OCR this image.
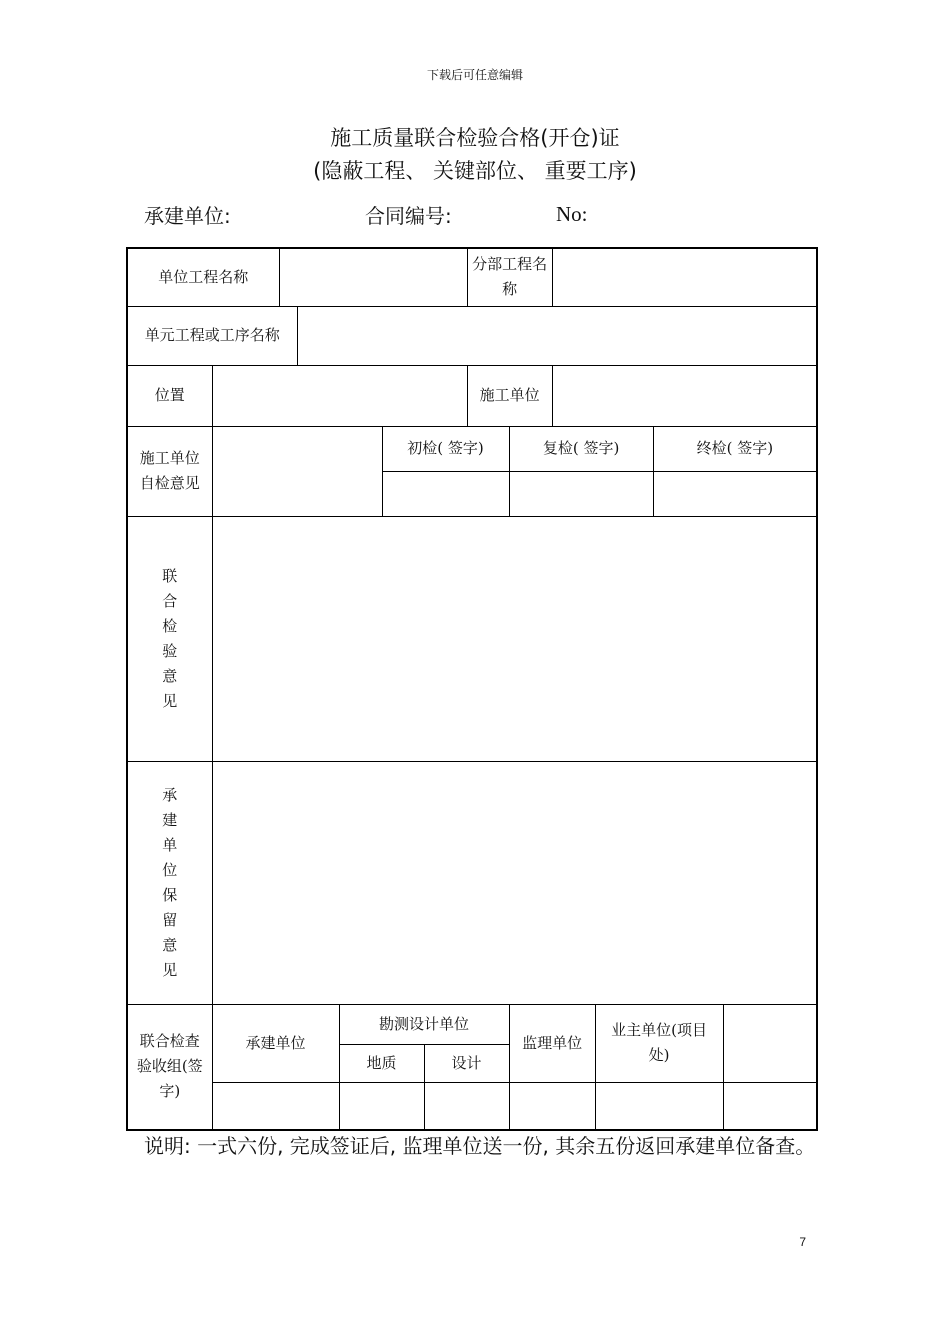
下载后可任意编辑
施工质量联合检验合格(开仓)证
(隐蔽工程、 关键部位、 重要工序)
承建单位:	合同编号:	No:
单位工程名称							分部工程名称					
单元工程或工序名称												
位置							施工单位					
施工单位自检意见					初检( 签字)			复检( 签字)			终检( 签字)	

联合检验意见												
承建单位保留意见												
联合检查验收组(签字)	承建单位			勘测设计单位				监理单位		业主单位(项目处)		
				地质		设计						

说明: 一式六份, 完成签证后, 监理单位送一份, 其余五份返回承建单位备查。
7
